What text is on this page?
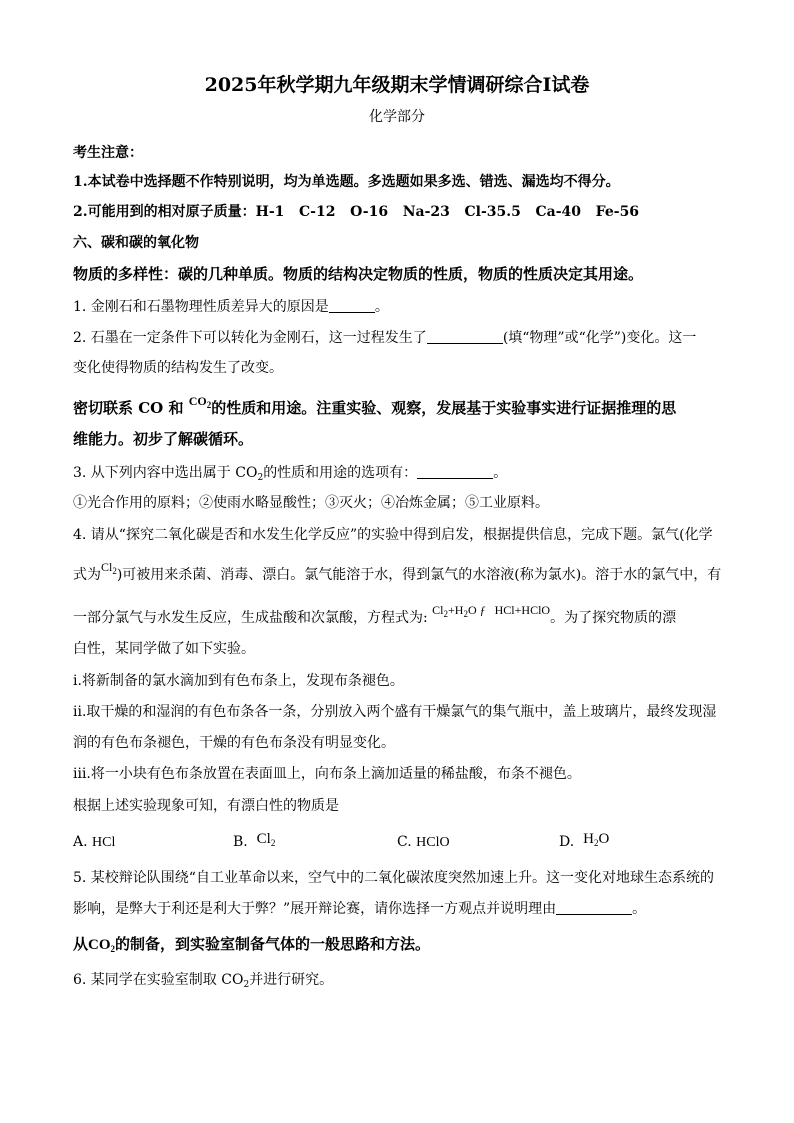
2025年秋学期九年级期末学情调研综合Ⅰ试卷
化学部分
考生注意：
1.本试卷中选择题不作特别说明，均为单选题。多选题如果多选、错选、漏选均不得分。
2.可能用到的相对原子质量：H-1 C-12 O-16 Na-23 Cl-35.5 Ca-40 Fe-56
六、碳和碳的氧化物
物质的多样性：碳的几种单质。物质的结构决定物质的性质，物质的性质决定其用途。
1. 金刚石和石墨物理性质差异大的原因是	。
2. 石墨在一定条件下可以转化为金刚石，这一过程发生了	(填“物理”或“化学”)变化。这一
变化使得物质的结构发生了改变。
密切联系 CO 和 $^{CO_2}$的性质和用途。注重实验、观察，发展基于实验事实进行证据推理的思
维能力。初步了解碳循环。
3. 从下列内容中选出属于 $CO_2$的性质和用途的选项有：	。
①光合作用的原料；②使雨水略显酸性；③灭火；④冶炼金属；⑤工业原料。
4. 请从“探究二氧化碳是否和水发生化学反应”的实验中得到启发，根据提供信息，完成下题。氯气(化学
式为$Cl_2$)可被用来杀菌、消毒、漂白。氯气能溶于水，得到氯气的水溶液(称为氯水)。溶于水的氯气中，有
一部分氯气与水发生反应，生成盐酸和次氯酸，方程式为: $Cl_2+H_2O$ ƒ HCl+HClO。为了探究物质的漂
白性，某同学做了如下实验。
ⅰ.将新制备的氯水滴加到有色布条上，发现布条褪色。
ⅱ.取干燥的和湿润的有色布条各一条，分别放入两个盛有干燥氯气的集气瓶中，盖上玻璃片，最终发现湿
润的有色布条褪色，干燥的有色布条没有明显变化。
ⅲ.将一小块有色布条放置在表面皿上，向布条上滴加适量的稀盐酸，布条不褪色。
根据上述实验现象可知，有漂白性的物质是
A. HCl	B. $Cl_2$	C. HClO	D. $H_2O$
5. 某校辩论队围绕“自工业革命以来，空气中的二氧化碳浓度突然加速上升。这一变化对地球生态系统的
影响，是弊大于利还是利大于弊？”展开辩论赛，请你选择一方观点并说明理由	。
从$CO_2$的制备，到实验室制备气体的一般思路和方法。
6. 某同学在实验室制取 $CO_2$并进行研究。
